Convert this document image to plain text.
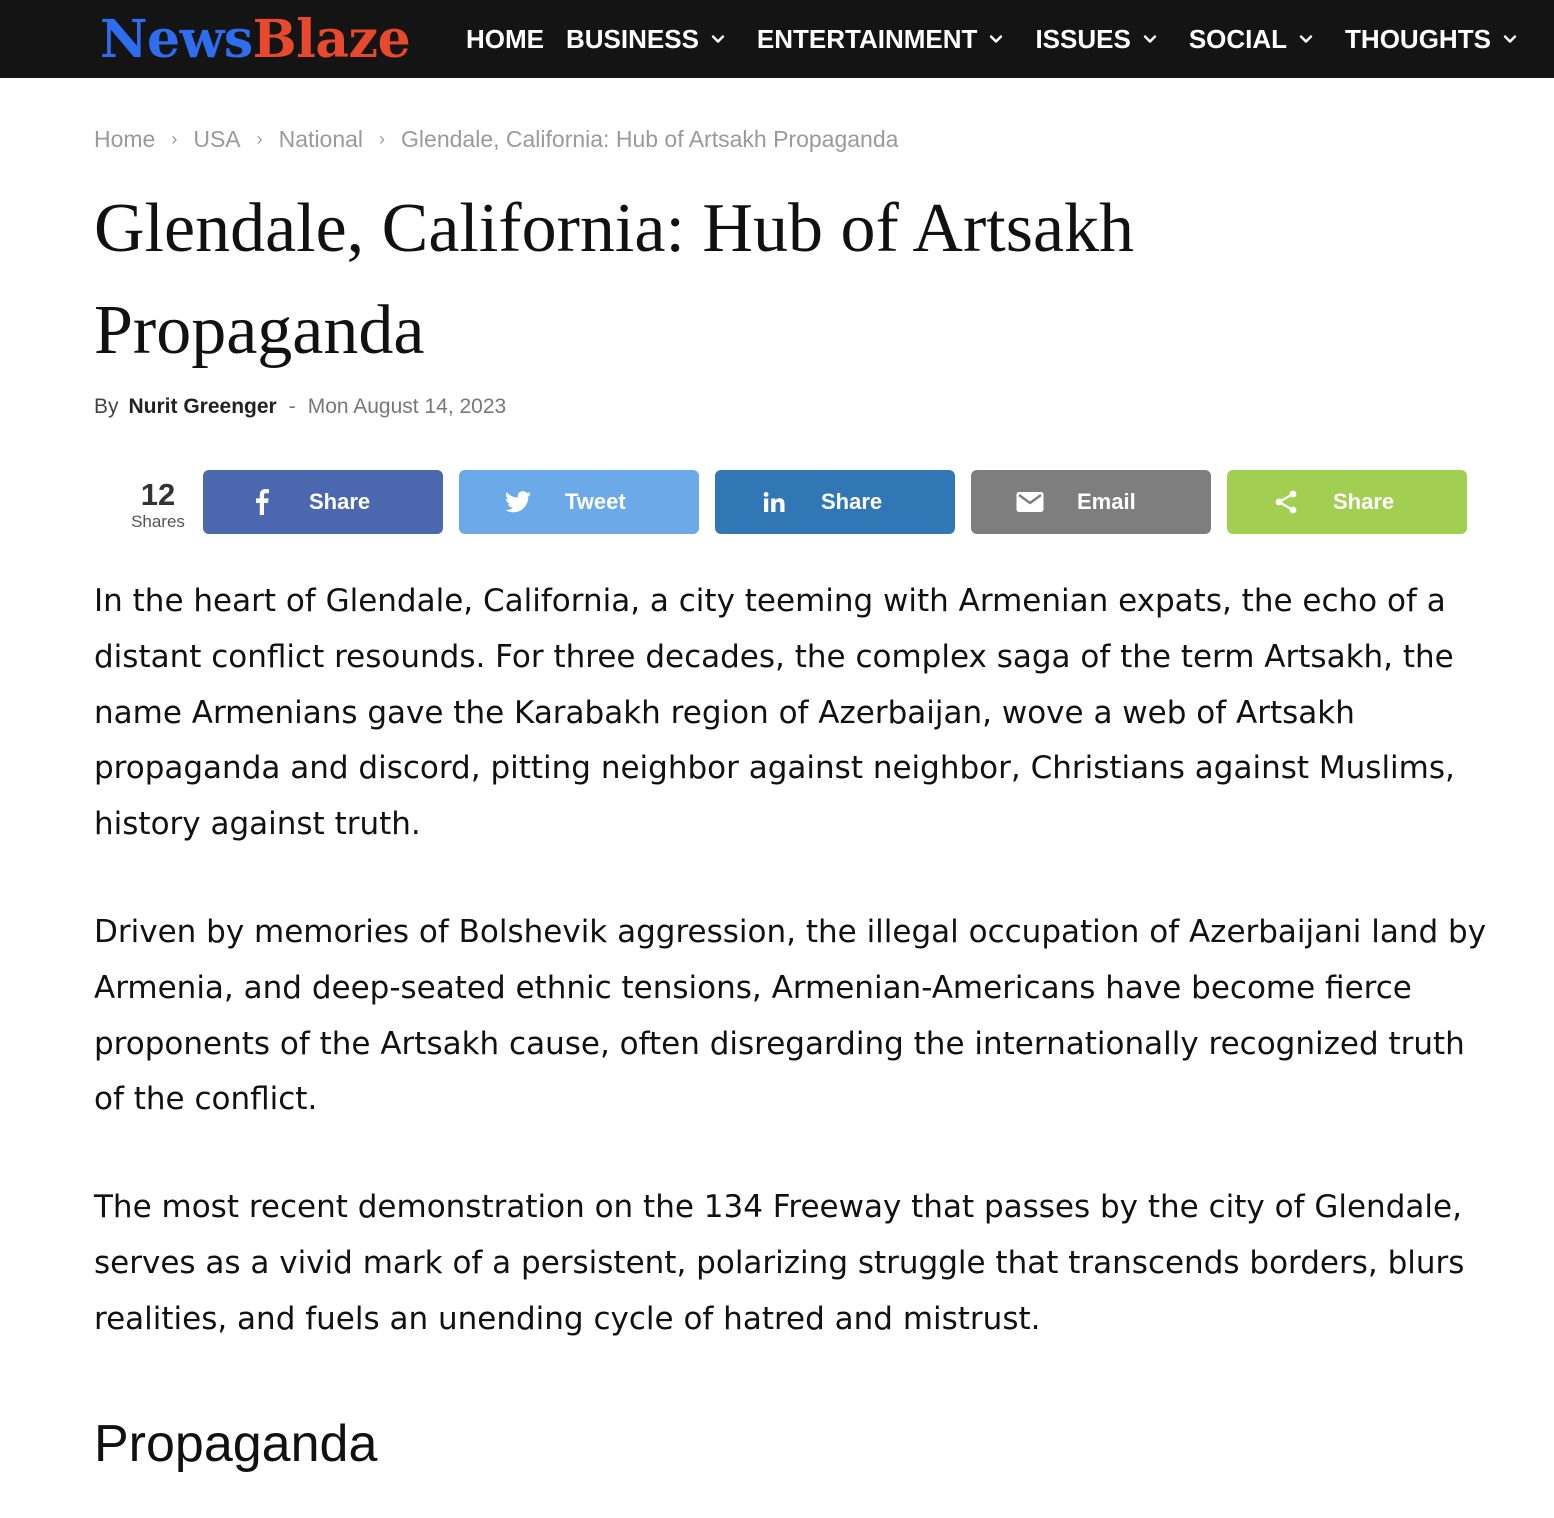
News Blaze HOME BUSINESS ENTERTAINMENT ISSUES SOCIAL THOUGHTS
Home › USA › National › Glendale, California: Hub of Artsakh Propaganda
Glendale, California: Hub of Artsakh Propaganda
By Nurit Greenger - Mon August 14, 2023
12
Shares
Share	Tweet	Share	Email	Share

In the heart of Glendale, California, a city teeming with Armenian expats, the echo of a distant conflict resounds. For three decades, the complex saga of the term Artsakh, the name Armenians gave the Karabakh region of Azerbaijan, wove a web of Artsakh propaganda and discord, pitting neighbor against neighbor, Christians against Muslims, history against truth.

Driven by memories of Bolshevik aggression, the illegal occupation of Azerbaijani land by Armenia, and deep-seated ethnic tensions, Armenian-Americans have become fierce proponents of the Artsakh cause, often disregarding the internationally recognized truth of the conflict.

The most recent demonstration on the 134 Freeway that passes by the city of Glendale, serves as a vivid mark of a persistent, polarizing struggle that transcends borders, blurs realities, and fuels an unending cycle of hatred and mistrust.

Propaganda
